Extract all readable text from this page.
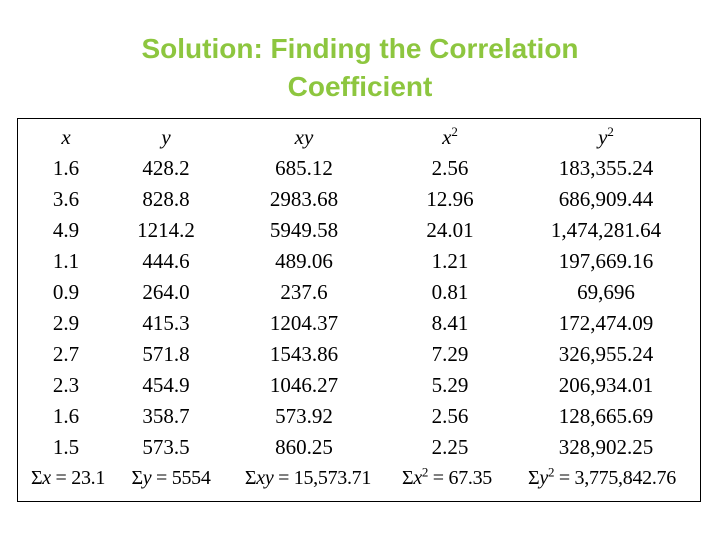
Solution: Finding the Correlation
Coefficient
x	y	xy	$x^2$	$y^2$
1.6	428.2	685.12	2.56	183,355.24
3.6	828.8	2983.68	12.96	686,909.44
4.9	1214.2	5949.58	24.01	1,474,281.64
1.1	444.6	489.06	1.21	197,669.16
0.9	264.0	237.6	0.81	69,696
2.9	415.3	1204.37	8.41	172,474.09
2.7	571.8	1543.86	7.29	326,955.24
2.3	454.9	1046.27	5.29	206,934.01
1.6	358.7	573.92	2.56	128,665.69
1.5	573.5	860.25	2.25	328,902.25
Σx = 23.1	Σy = 5554	Σxy = 15,573.71	$\Sigma x^2 = 67.35$	$\Sigma y^2 = 3,775,842.76$
